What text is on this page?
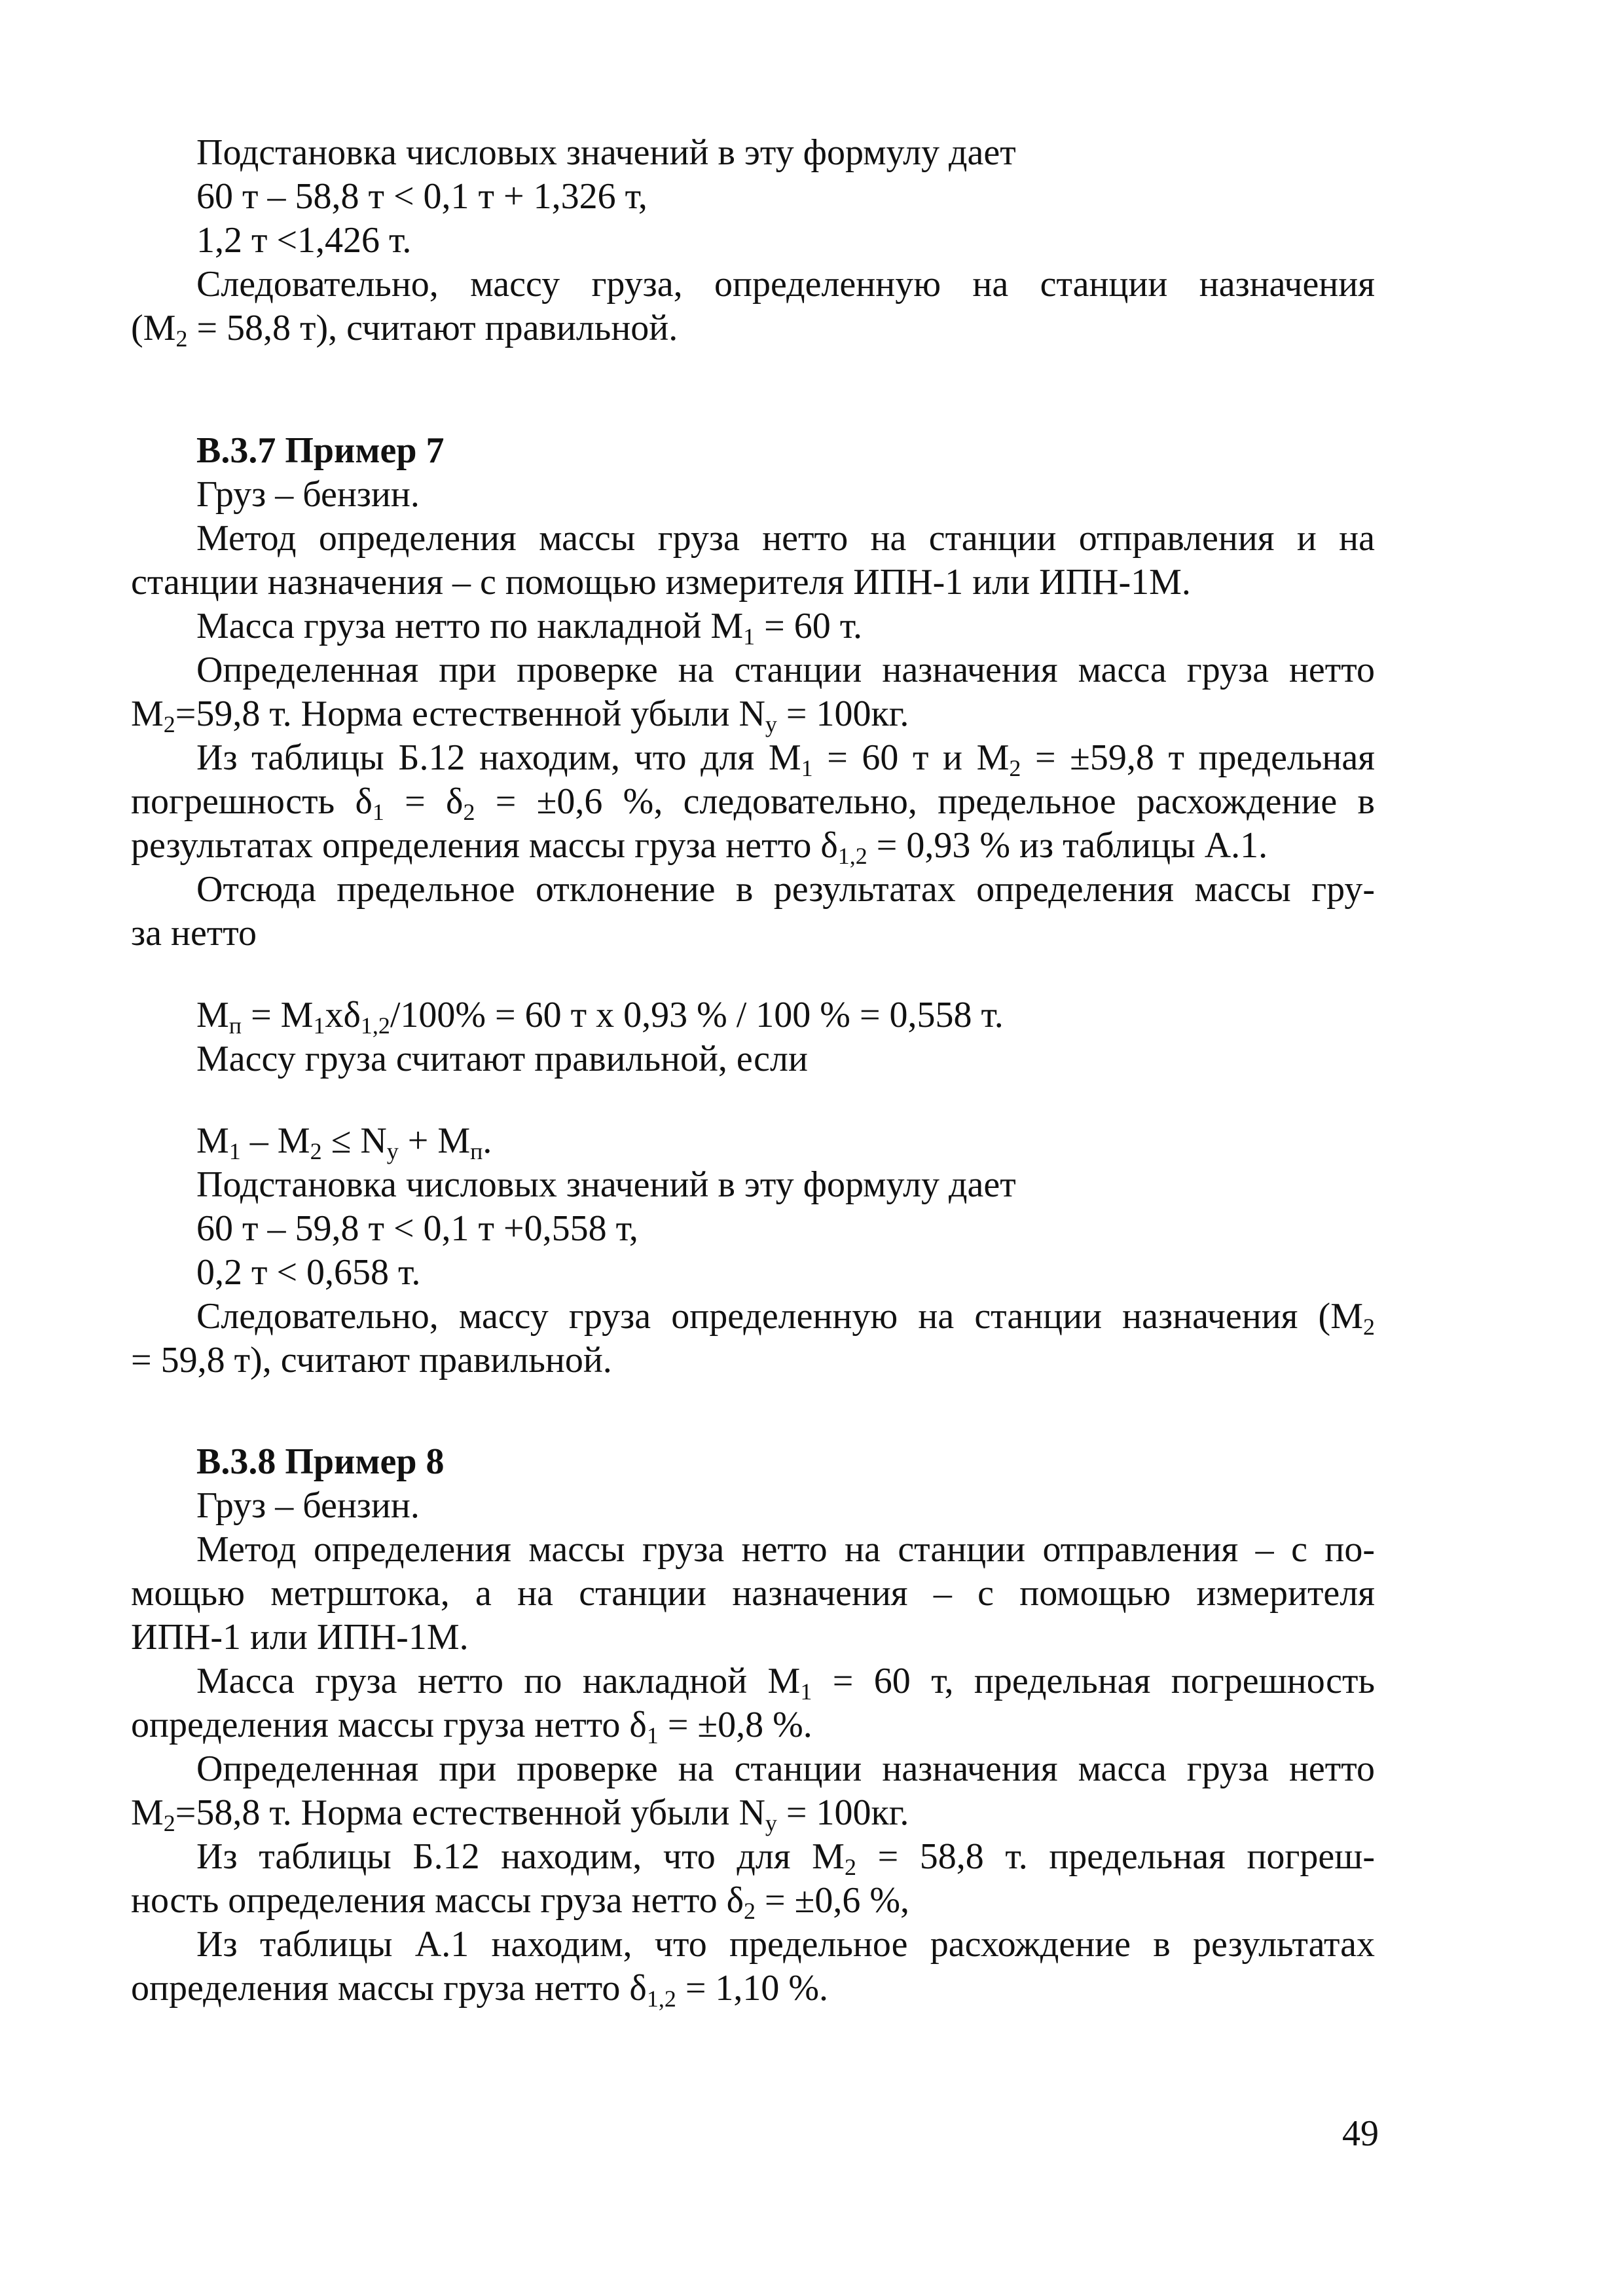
Подстановка числовых значений в эту формулу дает
60 т – 58,8 т < 0,1 т + 1,326 т,
1,2 т <1,426 т.
Следовательно, массу груза, определенную на станции назначения
($M_2 = 58,8$ т), считают правильной.
В.3.7 Пример 7
Груз – бензин.
Метод определения массы груза нетто на станции отправления и на
станции назначения – с помощью измерителя ИПН-1 или ИПН-1М.
Масса груза нетто по накладной $M_1 = 60$ т.
Определенная при проверке на станции назначения масса груза нетто
$M_2=59,8$ т. Норма естественной убыли $N_y = 100кг$.
Из таблицы Б.12 находим, что для $M_1 = 60$ т и $M_2 = \pm 59,8$ т предельная
погрешность $\delta_1 = \delta_2 = \pm 0,6$ %, следовательно, предельное расхождение в
результатах определения массы груза нетто $\delta_{1,2} = 0,93$ % из таблицы А.1.
Отсюда предельное отклонение в результатах определения массы гру-
за нетто
$M_п = M_1x\delta_{1,2}/100\% = 60$ т x 0,93 % / 100 % = 0,558 т.
Массу груза считают правильной, если
$M_1 - M_2 \le N_y + M_п$.
Подстановка числовых значений в эту формулу дает
60 т – 59,8 т < 0,1 т +0,558 т,
0,2 т < 0,658 т.
Следовательно, массу груза определенную на станции назначения ($M_2$
= 59,8 т), считают правильной.
В.3.8 Пример 8
Груз – бензин.
Метод определения массы груза нетто на станции отправления – с по-
мощью метрштока, а на станции назначения – с помощью измерителя
ИПН-1 или ИПН-1М.
Масса груза нетто по накладной $M_1 = 60$ т, предельная погрешность
определения массы груза нетто $\delta_1 = \pm 0,8$ %.
Определенная при проверке на станции назначения масса груза нетто
$M_2=58,8$ т. Норма естественной убыли $N_y = 100кг$.
Из таблицы Б.12 находим, что для $M_2 = 58,8$ т. предельная погреш-
ность определения массы груза нетто $\delta_2 = \pm 0,6$ %,
Из таблицы А.1 находим, что предельное расхождение в результатах
определения массы груза нетто $\delta_{1,2} = 1,10$ %.
49
